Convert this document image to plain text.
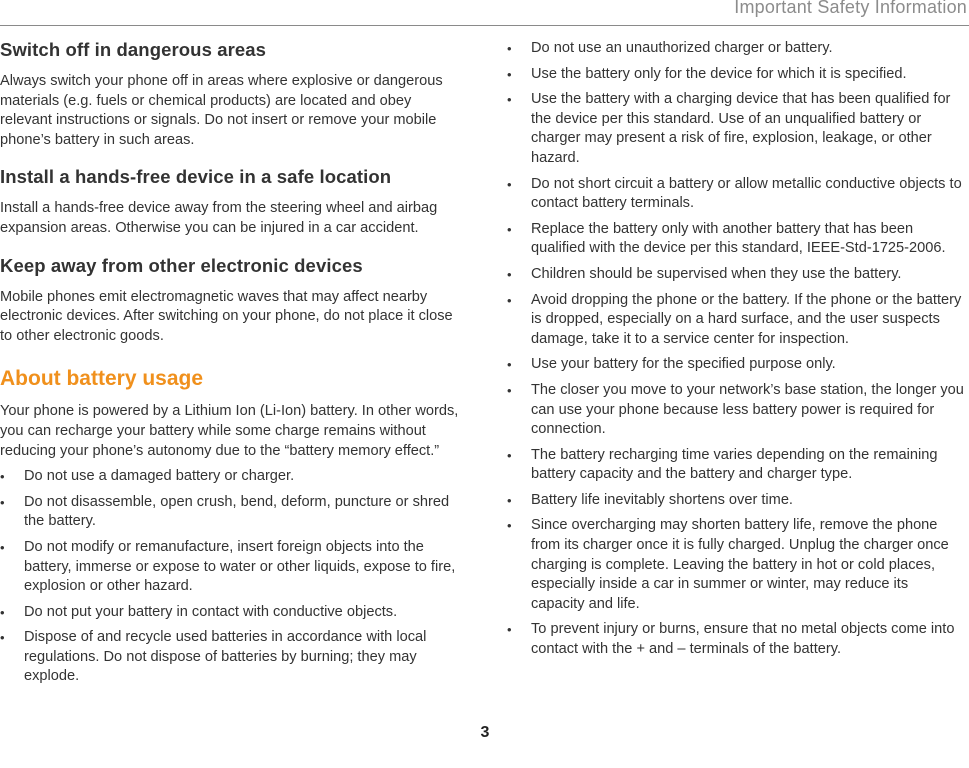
Important Safety Information
Switch off in dangerous areas

Always switch your phone off in areas where explosive or dangerous materials (e.g. fuels or chemical products) are located and obey relevant instructions or signals. Do not insert or remove your mobile phone’s battery in such areas.

Install a hands-free device in a safe location

Install a hands-free device away from the steering wheel and airbag expansion areas. Otherwise you can be injured in a car accident.

Keep away from other electronic devices

Mobile phones emit electromagnetic waves that may affect nearby electronic devices. After switching on your phone, do not place it close to other electronic goods.

About battery usage

Your phone is powered by a Lithium Ion (Li-Ion) battery. In other words, you can recharge your battery while some charge remains without reducing your phone’s autonomy due to the “battery memory effect.”

•	Do not use a damaged battery or charger.
•	Do not disassemble, open crush, bend, deform, puncture or shred the battery.
•	Do not modify or remanufacture, insert foreign objects into the battery, immerse or expose to water or other liquids, expose to fire, explosion or other hazard.
•	Do not put your battery in contact with conductive objects.
•	Dispose of and recycle used batteries in accordance with local regulations. Do not dispose of batteries by burning; they may explode.
•	Do not use an unauthorized charger or battery.
•	Use the battery only for the device for which it is specified.
•	Use the battery with a charging device that has been qualified for the device per this standard. Use of an unqualified battery or charger may present a risk of fire, explosion, leakage, or other hazard.
•	Do not short circuit a battery or allow metallic conductive objects to contact battery terminals.
•	Replace the battery only with another battery that has been qualified with the device per this standard, IEEE-Std-1725-2006.
•	Children should be supervised when they use the battery.
•	Avoid dropping the phone or the battery. If the phone or the battery is dropped, especially on a hard surface, and the user suspects damage, take it to a service center for inspection.
•	Use your battery for the specified purpose only.
•	The closer you move to your network’s base station, the longer you can use your phone because less battery power is required for connection.
•	The battery recharging time varies depending on the remaining battery capacity and the battery and charger type.
•	Battery life inevitably shortens over time.
•	Since overcharging may shorten battery life, remove the phone from its charger once it is fully charged. Unplug the charger once charging is complete. Leaving the battery in hot or cold places, especially inside a car in summer or winter, may reduce its capacity and life.
•	To prevent injury or burns, ensure that no metal objects come into contact with the + and – terminals of the battery.
3
